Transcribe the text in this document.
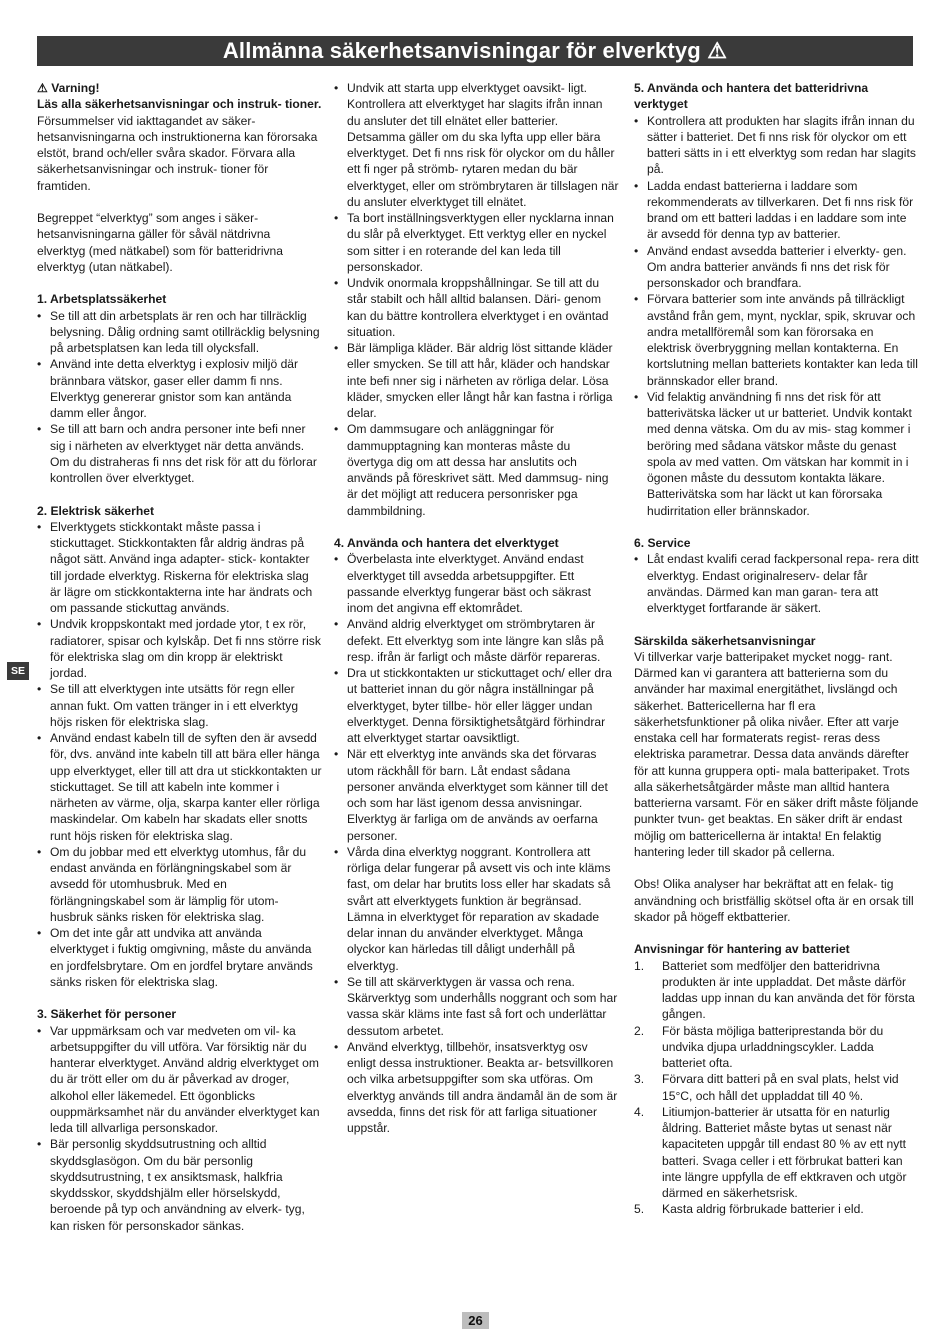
Allmänna säkerhetsanvisningar för elverktyg ⚠
SE

⚠ Varning!

Läs alla säkerhetsanvisningar och instruk- tioner.

Försummelser vid iakttagandet av säker- hetsanvisningarna och instruktionerna kan förorsaka elstöt, brand och/eller svåra skador. Förvara alla säkerhetsanvisningar och instruk- tioner för framtiden.

Begreppet “elverktyg” som anges i säker- hetsanvisningarna gäller för såväl nätdrivna elverktyg (med nätkabel) som för batteridrivna elverktyg (utan nätkabel).

1. Arbetsplatssäkerhet

• Se till att din arbetsplats är ren och har tillräcklig belysning. Dålig ordning samt otillräcklig belysning på arbetsplatsen kan leda till olycksfall.
• Använd inte detta elverktyg i explosiv miljö där brännbara vätskor, gaser eller damm fi nns. Elverktyg genererar gnistor som kan antända damm eller ångor.
• Se till att barn och andra personer inte befi nner sig i närheten av elverktyget när detta används. Om du distraheras fi nns det risk för att du förlorar kontrollen över elverktyget.

2. Elektrisk säkerhet

• Elverktygets stickkontakt måste passa i stickuttaget. Stickkontakten får aldrig ändras på något sätt. Använd inga adapter- stick- kontakter till jordade elverktyg. Riskerna för elektriska slag är lägre om stickkontakterna inte har ändrats och om passande stickuttag används.
• Undvik kroppskontakt med jordade ytor, t ex rör, radiatorer, spisar och kylskåp. Det fi nns större risk för elektriska slag om din kropp är elektriskt jordad.
• Se till att elverktygen inte utsätts för regn eller annan fukt. Om vatten tränger in i ett elverktyg höjs risken för elektriska slag.
• Använd endast kabeln till de syften den är avsedd för, dvs. använd inte kabeln till att bära eller hänga upp elverktyget, eller till att dra ut stickkontakten ur stickuttaget. Se till att kabeln inte kommer i närheten av värme, olja, skarpa kanter eller rörliga maskindelar. Om kabeln har skadats eller snotts runt höjs risken för elektriska slag.
• Om du jobbar med ett elverktyg utomhus, får du endast använda en förlängningskabel som är avsedd för utomhusbruk. Med en förlängningskabel som är lämplig för utom- husbruk sänks risken för elektriska slag.
• Om det inte går att undvika att använda elverktyget i fuktig omgivning, måste du använda en jordfelsbrytare. Om en jordfel brytare används sänks risken för elektriska slag.

3. Säkerhet för personer

• Var uppmärksam och var medveten om vil- ka arbetsuppgifter du vill utföra. Var försiktig när du hanterar elverktyget. Använd aldrig elverktyget om du är trött eller om du är påverkad av droger, alkohol eller läkemedel. Ett ögonblicks ouppmärksamhet när du använder elverktyget kan leda till allvarliga personskador.
• Bär personlig skyddsutrustning och alltid skyddsglasögon. Om du bär personlig skyddsutrustning, t ex ansiktsmask, halkfria skyddsskor, skyddshjälm eller hörselskydd, beroende på typ och användning av elverk- tyg, kan risken för personskador sänkas.
• Undvik att starta upp elverktyget oavsikt- ligt. Kontrollera att elverktyget har slagits ifrån innan du ansluter det till elnätet eller batterier. Detsamma gäller om du ska lyfta upp eller bära elverktyget. Det fi nns risk för olyckor om du håller ett fi nger på strömb- rytaren medan du bär elverktyget, eller om strömbrytaren är tillslagen när du ansluter elverktyget till elnätet.
• Ta bort inställningsverktygen eller nycklarna innan du slår på elverktyget. Ett verktyg eller en nyckel som sitter i en roterande del kan leda till personskador.
• Undvik onormala kroppshållningar. Se till att du står stabilt och håll alltid balansen. Däri- genom kan du bättre kontrollera elverktyget i en oväntad situation.
• Bär lämpliga kläder. Bär aldrig löst sittande kläder eller smycken. Se till att hår, kläder och handskar inte befi nner sig i närheten av rörliga delar. Lösa kläder, smycken eller långt hår kan fastna i rörliga delar.
• Om dammsugare och anläggningar för dammupptagning kan monteras måste du övertyga dig om att dessa har anslutits och används på föreskrivet sätt. Med dammsug- ning är det möjligt att reducera personrisker pga dammbildning.

4. Använda och hantera det elverktyget

• Överbelasta inte elverktyget. Använd endast elverktyget till avsedda arbetsuppgifter. Ett passande elverktyg fungerar bäst och säkrast inom det angivna eff ektområdet.
• Använd aldrig elverktyget om strömbrytaren är defekt. Ett elverktyg som inte längre kan slås på resp. ifrån är farligt och måste därför repareras.
• Dra ut stickkontakten ur stickuttaget och/ eller dra ut batteriet innan du gör några inställningar på elverktyget, byter tillbe- hör eller lägger undan elverktyget. Denna försiktighetsåtgärd förhindrar att elverktyget startar oavsiktligt.
• När ett elverktyg inte används ska det förvaras utom räckhåll för barn. Låt endast sådana personer använda elverktyget som känner till det och som har läst igenom dessa anvisningar. Elverktyg är farliga om de används av oerfarna personer.
• Vårda dina elverktyg noggrant. Kontrollera att rörliga delar fungerar på avsett vis och inte kläms fast, om delar har brutits loss eller har skadats så svårt att elverktygets funktion är begränsad. Lämna in elverktyget för reparation av skadade delar innan du använder elverktyget. Många olyckor kan härledas till dåligt underhåll på elverktyg.
• Se till att skärverktygen är vassa och rena. Skärverktyg som underhålls noggrant och som har vassa skär kläms inte fast så fort och underlättar dessutom arbetet.
• Använd elverktyg, tillbehör, insatsverktyg osv enligt dessa instruktioner. Beakta ar- betsvillkoren och vilka arbetsuppgifter som ska utföras. Om elverktyg används till andra ändamål än de som är avsedda, finns det risk för att farliga situationer uppstår.

5. Använda och hantera det batteridrivna verktyget

• Kontrollera att produkten har slagits ifrån innan du sätter i batteriet. Det fi nns risk för olyckor om ett batteri sätts in i ett elverktyg som redan har slagits på.
• Ladda endast batterierna i laddare som rekommenderats av tillverkaren. Det fi nns risk för brand om ett batteri laddas i en laddare som inte är avsedd för denna typ av batterier.
• Använd endast avsedda batterier i elverkty- gen. Om andra batterier används fi nns det risk för personskador och brandfara.
• Förvara batterier som inte används på tillräckligt avstånd från gem, mynt, nycklar, spik, skruvar och andra metallföremål som kan förorsaka en elektrisk överbryggning mellan kontakterna. En kortslutning mellan batteriets kontakter kan leda till brännskador eller brand.
• Vid felaktig användning fi nns det risk för att batterivätska läcker ut ur batteriet. Undvik kontakt med denna vätska. Om du av mis- stag kommer i beröring med sådana vätskor måste du genast spola av med vatten. Om vätskan har kommit in i ögonen måste du dessutom kontakta läkare. Batterivätska som har läckt ut kan förorsaka hudirritation eller brännskador.

6. Service

• Låt endast kvalifi cerad fackpersonal repa- rera ditt elverktyg. Endast originalreserv- delar får användas. Därmed kan man garan- tera att elverktyget fortfarande är säkert.

Särskilda säkerhetsanvisningar

Vi tillverkar varje batteripaket mycket nogg- rant. Därmed kan vi garantera att batterierna som du använder har maximal energitäthet, livslängd och säkerhet. Battericellerna har fl era säkerhetsfunktioner på olika nivåer. Efter att varje enstaka cell har formaterats regist- reras dess elektriska parametrar. Dessa data används därefter för att kunna gruppera opti- mala batteripaket. Trots alla säkerhetsåtgärder måste man alltid hantera batterierna varsamt. För en säker drift måste följande punkter tvun- get beaktas. En säker drift är endast möjlig om battericellerna är intakta! En felaktig hantering leder till skador på cellerna.

Obs! Olika analyser har bekräftat att en felak- tig användning och bristfällig skötsel ofta är en orsak till skador på högeff ektbatterier.

Anvisningar för hantering av batteriet

1. Batteriet som medföljer den batteridrivna produkten är inte uppladdat. Det måste därför laddas upp innan du kan använda det för första gången.
2. För bästa möjliga batteriprestanda bör du undvika djupa urladdningscykler. Ladda batteriet ofta.
3. Förvara ditt batteri på en sval plats, helst vid 15°C, och håll det uppladdat till 40 %.
4. Litiumjon-batterier är utsatta för en naturlig åldring. Batteriet måste bytas ut senast när kapaciteten uppgår till endast 80 % av ett nytt batteri. Svaga celler i ett förbrukat batteri kan inte längre uppfylla de eff ektkraven och utgör därmed en säkerhetsrisk.
5. Kasta aldrig förbrukade batterier i eld.
26
